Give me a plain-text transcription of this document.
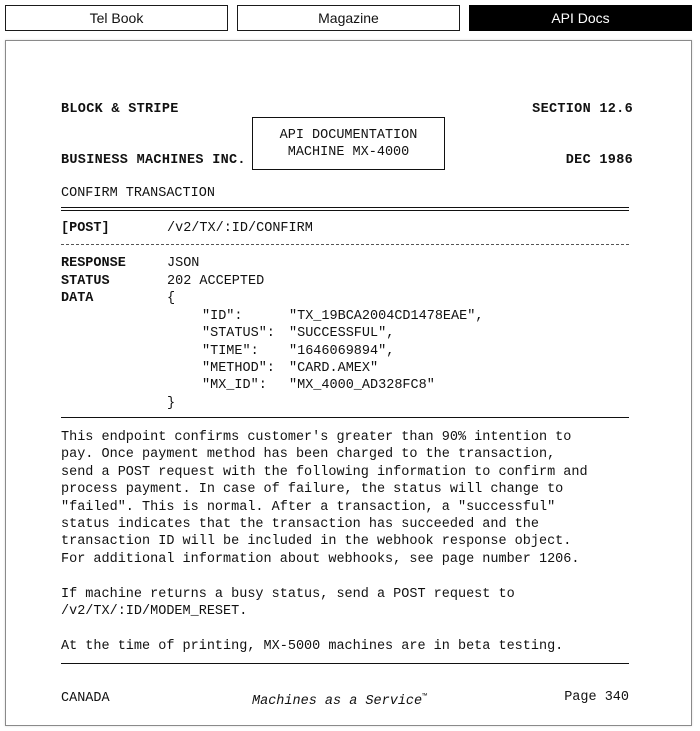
Tel Book	Magazine	API Docs

BLOCK & STRIPE

BUSINESS MACHINES INC.

SECTION 12.6

DEC 1986

API DOCUMENTATION
MACHINE MX-4000
CONFIRM TRANSACTION
[POST]	/v2/TX/:ID/CONFIRM
RESPONSE	JSON
STATUS	202 ACCEPTED
DATA	{
"ID":	"TX_19BCA2004CD1478EAE",
"STATUS": "SUCCESSFUL",
"TIME": "1646069894",
"METHOD": "CARD.AMEX"
"MX_ID": "MX_4000_AD328FC8"
}
This endpoint confirms customer's greater than 90% intention to
pay. Once payment method has been charged to the transaction,
send a POST request with the following information to confirm and
process payment. In case of failure, the status will change to
"failed". This is normal. After a transaction, a "successful"
status indicates that the transaction has succeeded and the
transaction ID will be included in the webhook response object.
For additional information about webhooks, see page number 1206.
If machine returns a busy status, send a POST request to
/v2/TX/:ID/MODEM_RESET.
At the time of printing, MX-5000 machines are in beta testing.
CANADA	Machines as a Service™	Page 340
